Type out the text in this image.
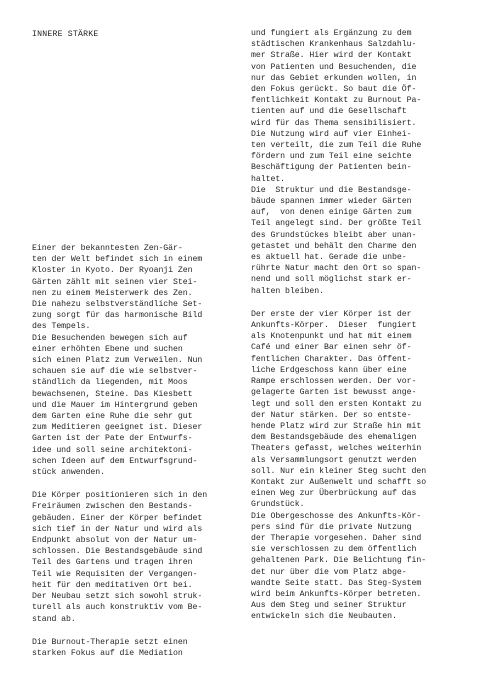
INNERE STÄRKE

Einer der bekanntesten Zen-Gär-
ten der Welt befindet sich in einem
Kloster in Kyoto. Der Ryoanji Zen
Gärten zählt mit seinen vier Stei-
nen zu einem Meisterwerk des Zen.
Die nahezu selbstverständliche Set-
zung sorgt für das harmonische Bild
des Tempels.
Die Besuchenden bewegen sich auf
einer erhöhten Ebene und suchen
sich einen Platz zum Verweilen. Nun
schauen sie auf die wie selbstver-
ständlich da liegenden, mit Moos
bewachsenen, Steine. Das Kiesbett
und die Mauer im Hintergrund geben
dem Garten eine Ruhe die sehr gut
zum Meditieren geeignet ist. Dieser
Garten ist der Pate der Entwurfs-
idee und soll seine architektoni-
schen Ideen auf dem Entwurfsgrund-
stück anwenden.

Die Körper positionieren sich in den
Freiräumen zwischen den Bestands-
gebäuden. Einer der Körper befindet
sich tief in der Natur und wird als
Endpunkt absolut von der Natur um-
schlossen. Die Bestandsgebäude sind
Teil des Gartens und tragen ihren
Teil wie Requisiten der Vergangen-
heit für den meditativen Ort bei.
Der Neubau setzt sich sowohl struk-
turell als auch konstruktiv vom Be-
stand ab.

Die Burnout-Therapie setzt einen
starken Fokus auf die Mediation

und fungiert als Ergänzung zu dem
städtischen Krankenhaus Salzdahlu-
mer Straße. Hier wird der Kontakt
von Patienten und Besuchenden, die
nur das Gebiet erkunden wollen, in
den Fokus gerückt. So baut die Öf-
fentlichkeit Kontakt zu Burnout Pa-
tienten auf und die Gesellschaft
wird für das Thema sensibilisiert.
Die Nutzung wird auf vier Einhei-
ten verteilt, die zum Teil die Ruhe
fördern und zum Teil eine seichte
Beschäftigung der Patienten bein-
haltet.
Die  Struktur und die Bestandsge-
bäude spannen immer wieder Gärten
auf,  von denen einige Gärten zum
Teil angelegt sind. Der größte Teil
des Grundstückes bleibt aber unan-
getastet und behält den Charme den
es aktuell hat. Gerade die unbe-
rührte Natur macht den Ort so span-
nend und soll möglichst stark er-
halten bleiben.

Der erste der vier Körper ist der
Ankunfts-Körper.  Dieser  fungiert
als Knotenpunkt und hat mit einem
Café und einer Bar einen sehr öf-
fentlichen Charakter. Das öffent-
liche Erdgeschoss kann über eine
Rampe erschlossen werden. Der vor-
gelagerte Garten ist bewusst ange-
legt und soll den ersten Kontakt zu
der Natur stärken. Der so entste-
hende Platz wird zur Straße hin mit
dem Bestandsgebäude des ehemaligen
Theaters gefasst, welches weiterhin
als Versammlungsort genutzt werden
soll. Nur ein kleiner Steg sucht den
Kontakt zur Außenwelt und schafft so
einen Weg zur Überbrückung auf das
Grundstück.
Die Obergeschosse des Ankunfts-Kör-
pers sind für die private Nutzung
der Therapie vorgesehen. Daher sind
sie verschlossen zu dem öffentlich
gehaltenen Park. Die Belichtung fin-
det nur über die vom Platz abge-
wandte Seite statt. Das Steg-System
wird beim Ankunfts-Körper betreten.
Aus dem Steg und seiner Struktur
entwickeln sich die Neubauten.
